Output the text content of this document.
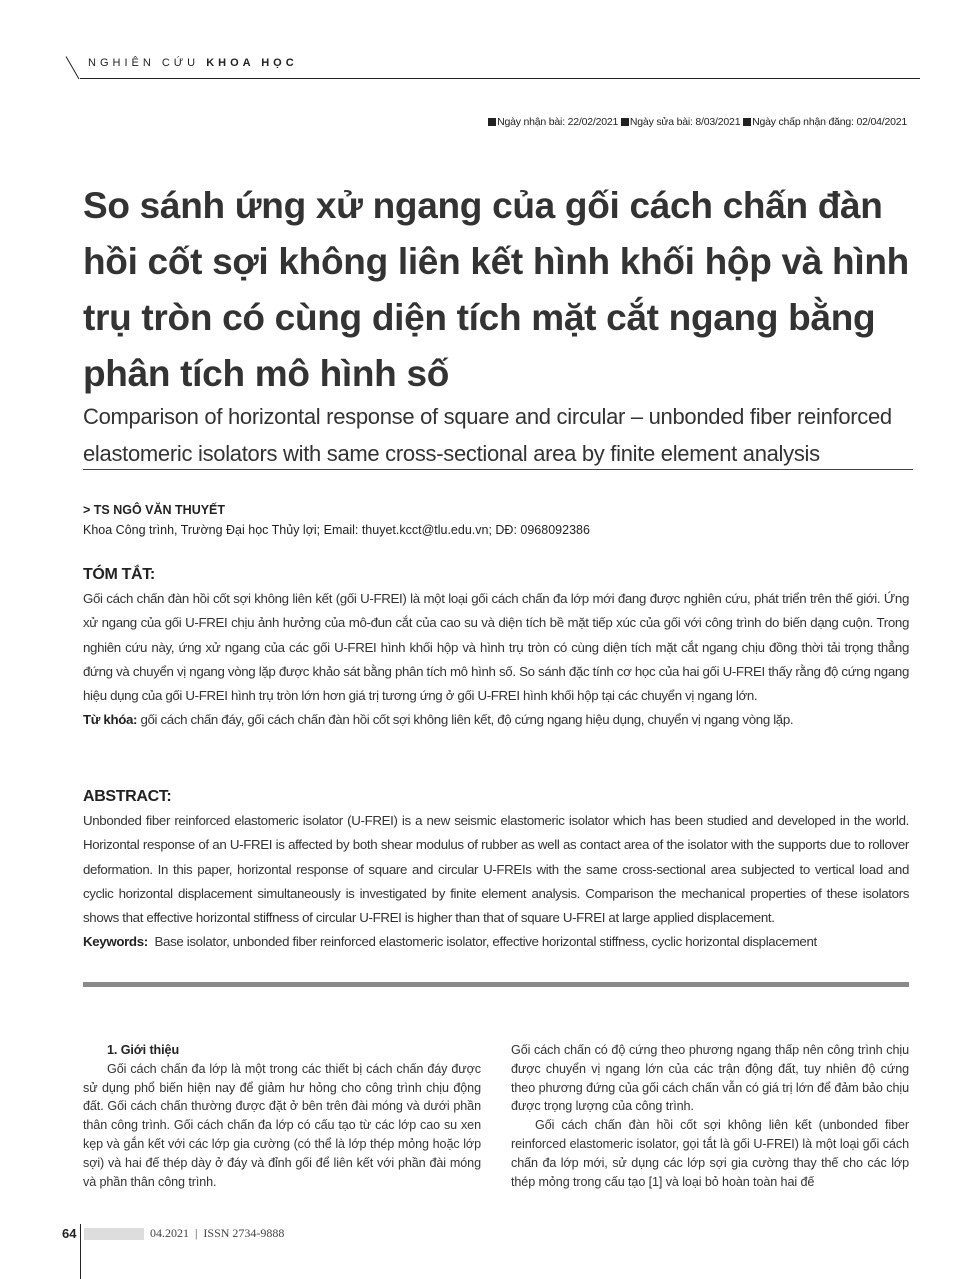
NGHIÊN CỨU KHOA HỌC
Ngày nhận bài: 22/02/2021 Ngày sửa bài: 8/03/2021 Ngày chấp nhận đăng: 02/04/2021
So sánh ứng xử ngang của gối cách chấn đàn hồi cốt sợi không liên kết hình khối hộp và hình trụ tròn có cùng diện tích mặt cắt ngang bằng phân tích mô hình số
Comparison of horizontal response of square and circular – unbonded fiber reinforced elastomeric isolators with same cross-sectional area by finite element analysis
> TS NGÔ VĂN THUYẾT
Khoa Công trình, Trường Đại học Thủy lợi; Email: thuyet.kcct@tlu.edu.vn; DĐ: 0968092386
TÓM TẮT:

Gối cách chấn đàn hồi cốt sợi không liên kết (gối U-FREI) là một loại gối cách chấn đa lớp mới đang được nghiên cứu, phát triển trên thế giới. Ứng xử ngang của gối U-FREI chịu ảnh hưởng của mô-đun cắt của cao su và diện tích bề mặt tiếp xúc của gối với công trình do biến dạng cuộn. Trong nghiên cứu này, ứng xử ngang của các gối U-FREI hình khối hộp và hình trụ tròn có cùng diện tích mặt cắt ngang chịu đồng thời tải trọng thẳng đứng và chuyển vị ngang vòng lặp được khảo sát bằng phân tích mô hình số. So sánh đặc tính cơ học của hai gối U-FREI thấy rằng độ cứng ngang hiệu dụng của gối U-FREI hình trụ tròn lớn hơn giá trị tương ứng ở gối U-FREI hình khối hộp tại các chuyển vị ngang lớn.

Từ khóa: gối cách chấn đáy, gối cách chấn đàn hồi cốt sợi không liên kết, độ cứng ngang hiệu dụng, chuyển vị ngang vòng lặp.

ABSTRACT:

Unbonded fiber reinforced elastomeric isolator (U-FREI) is a new seismic elastomeric isolator which has been studied and developed in the world. Horizontal response of an U-FREI is affected by both shear modulus of rubber as well as contact area of the isolator with the supports due to rollover deformation. In this paper, horizontal response of square and circular U-FREIs with the same cross-sectional area subjected to vertical load and cyclic horizontal displacement simultaneously is investigated by finite element analysis. Comparison the mechanical properties of these isolators shows that effective horizontal stiffness of circular U-FREI is higher than that of square U-FREI at large applied displacement.

Keywords:  Base isolator, unbonded fiber reinforced elastomeric isolator, effective horizontal stiffness, cyclic horizontal displacement

1. Giới thiệu

Gối cách chấn đa lớp là một trong các thiết bị cách chấn đáy được sử dụng phổ biến hiện nay để giảm hư hỏng cho công trình chịu động đất. Gối cách chấn thường được đặt ở bên trên đài móng và dưới phần thân công trình. Gối cách chấn đa lớp có cấu tạo từ các lớp cao su xen kẹp và gắn kết với các lớp gia cường (có thể là lớp thép mỏng hoặc lớp sợi) và hai đế thép dày ở đáy và đỉnh gối để liên kết với phần đài móng và phần thân công trình.

Gối cách chấn có độ cứng theo phương ngang thấp nên công trình chịu được chuyển vị ngang lớn của các trận động đất, tuy nhiên độ cứng theo phương đứng của gối cách chấn vẫn có giá trị lớn để đảm bảo chịu được trọng lượng của công trình.

Gối cách chấn đàn hồi cốt sợi không liên kết (unbonded fiber reinforced elastomeric isolator, gọi tắt là gối U-FREI) là một loại gối cách chấn đa lớp mới, sử dụng các lớp sợi gia cường thay thế cho các lớp thép mỏng trong cấu tạo [1] và loại bỏ hoàn toàn hai đế

64	04.2021  |  ISSN 2734-9888
